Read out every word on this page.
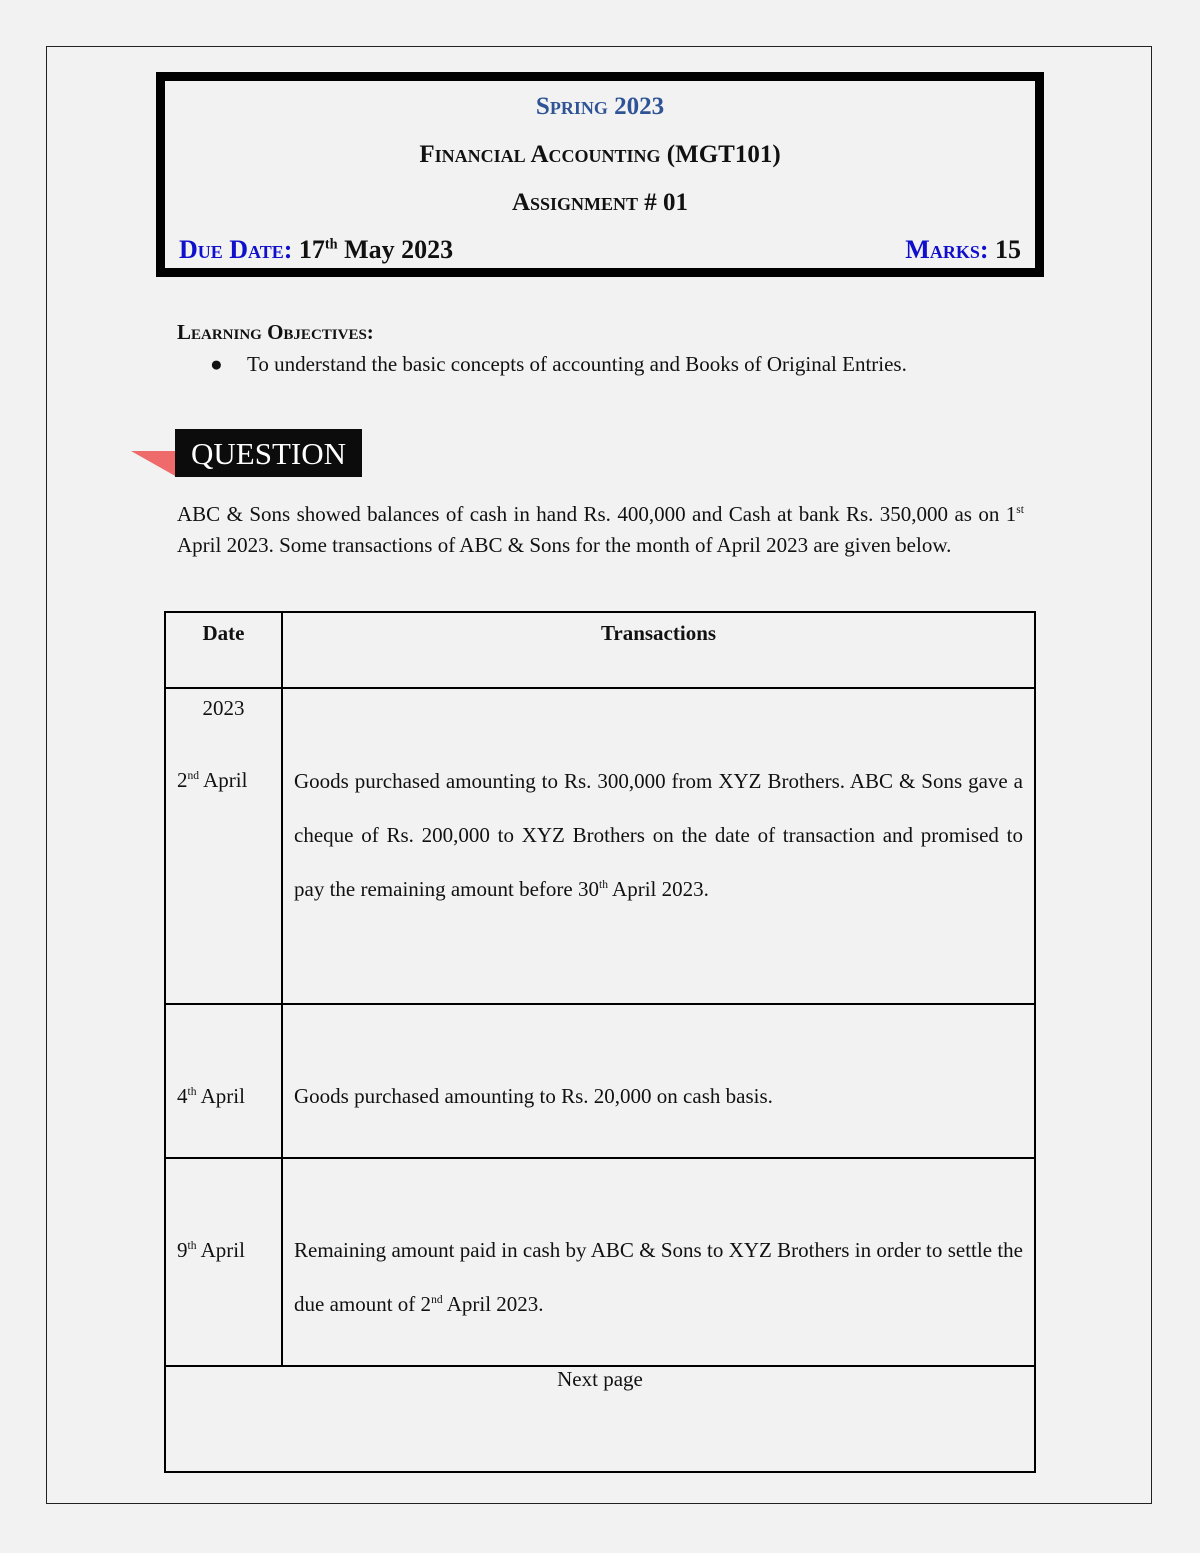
Spring 2023
Financial Accounting (MGT101)
Assignment # 01
Due Date: 17th May 2023	Marks: 15
Learning Objectives:
● To understand the basic concepts of accounting and Books of Original Entries.
QUESTION
ABC & Sons showed balances of cash in hand Rs. 400,000 and Cash at bank Rs. 350,000 as on 1st April 2023. Some transactions of ABC & Sons for the month of April 2023 are given below.
Date	Transactions

2023
2nd April	Goods purchased amounting to Rs. 300,000 from XYZ Brothers. ABC & Sons gave a cheque of Rs. 200,000 to XYZ Brothers on the date of transaction and promised to pay the remaining amount before 30th April 2023.

4th April	Goods purchased amounting to Rs. 20,000 on cash basis.

9th April	Remaining amount paid in cash by ABC & Sons to XYZ Brothers in order to settle the due amount of 2nd April 2023.

Next page	
